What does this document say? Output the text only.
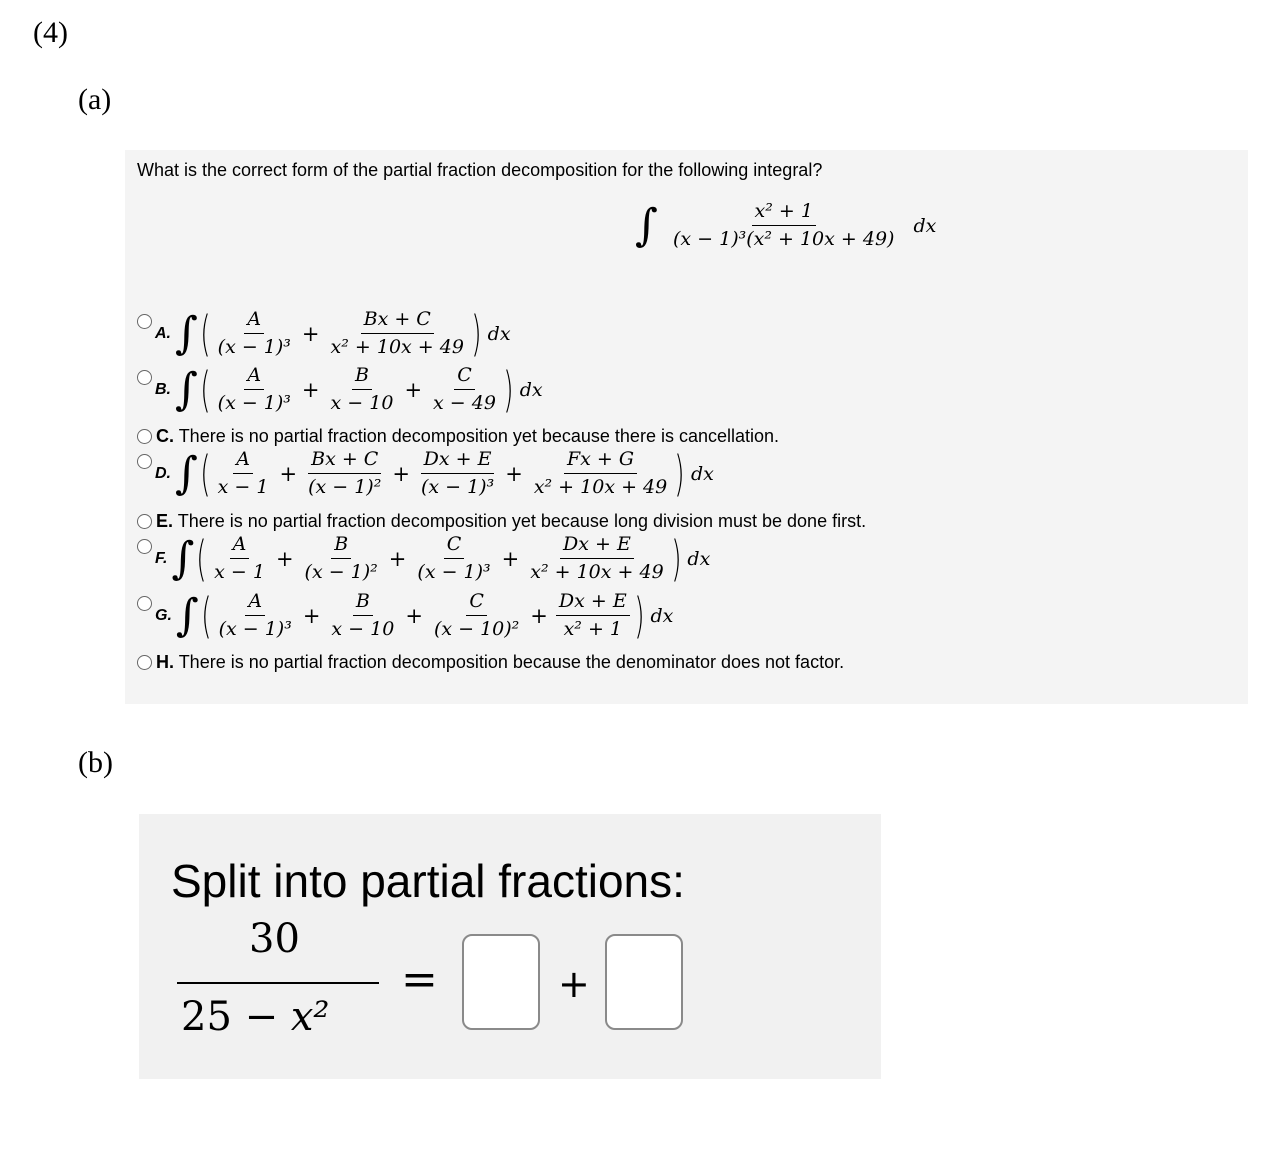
(4)
(a)
(b)
What is the correct form of the partial fraction decomposition for the following integral?
∫ $\frac{\text{x² + 1}}{\text{(x − 1)³(x² + 10x + 49)}}$ dx
A. ∫ ( $\frac{A}{\text{(x − 1)³}} + \frac{Bx + C}{\text{x² + 10x + 49}}$ ) dx
B. ∫ ( $\frac{A}{\text{(x − 1)³}} + \frac{B}{x - 10} + \frac{C}{x - 49}$ ) dx
C. There is no partial fraction decomposition yet because there is cancellation.
D. ∫ ( $\frac{A}{x - 1} + \frac{Bx + C}{\text{(x − 1)²}} + \frac{Dx + E}{\text{(x − 1)³}} + \frac{Fx + G}{\text{x² + 10x + 49}}$ ) dx
E. There is no partial fraction decomposition yet because long division must be done first.
F. ∫ ( $\frac{A}{x - 1} + \frac{B}{\text{(x − 1)²}} + \frac{C}{\text{(x − 1)³}} + \frac{Dx + E}{\text{x² + 10x + 49}}$ ) dx
G. ∫ ( $\frac{A}{\text{(x − 1)³}} + \frac{B}{x - 10} + \frac{C}{\text{(x − 10)²}} + \frac{Dx + E}{\text{x² + 1}}$ ) dx
H. There is no partial fraction decomposition because the denominator does not factor.
Split into partial fractions:
30
25 − x²
=	+
